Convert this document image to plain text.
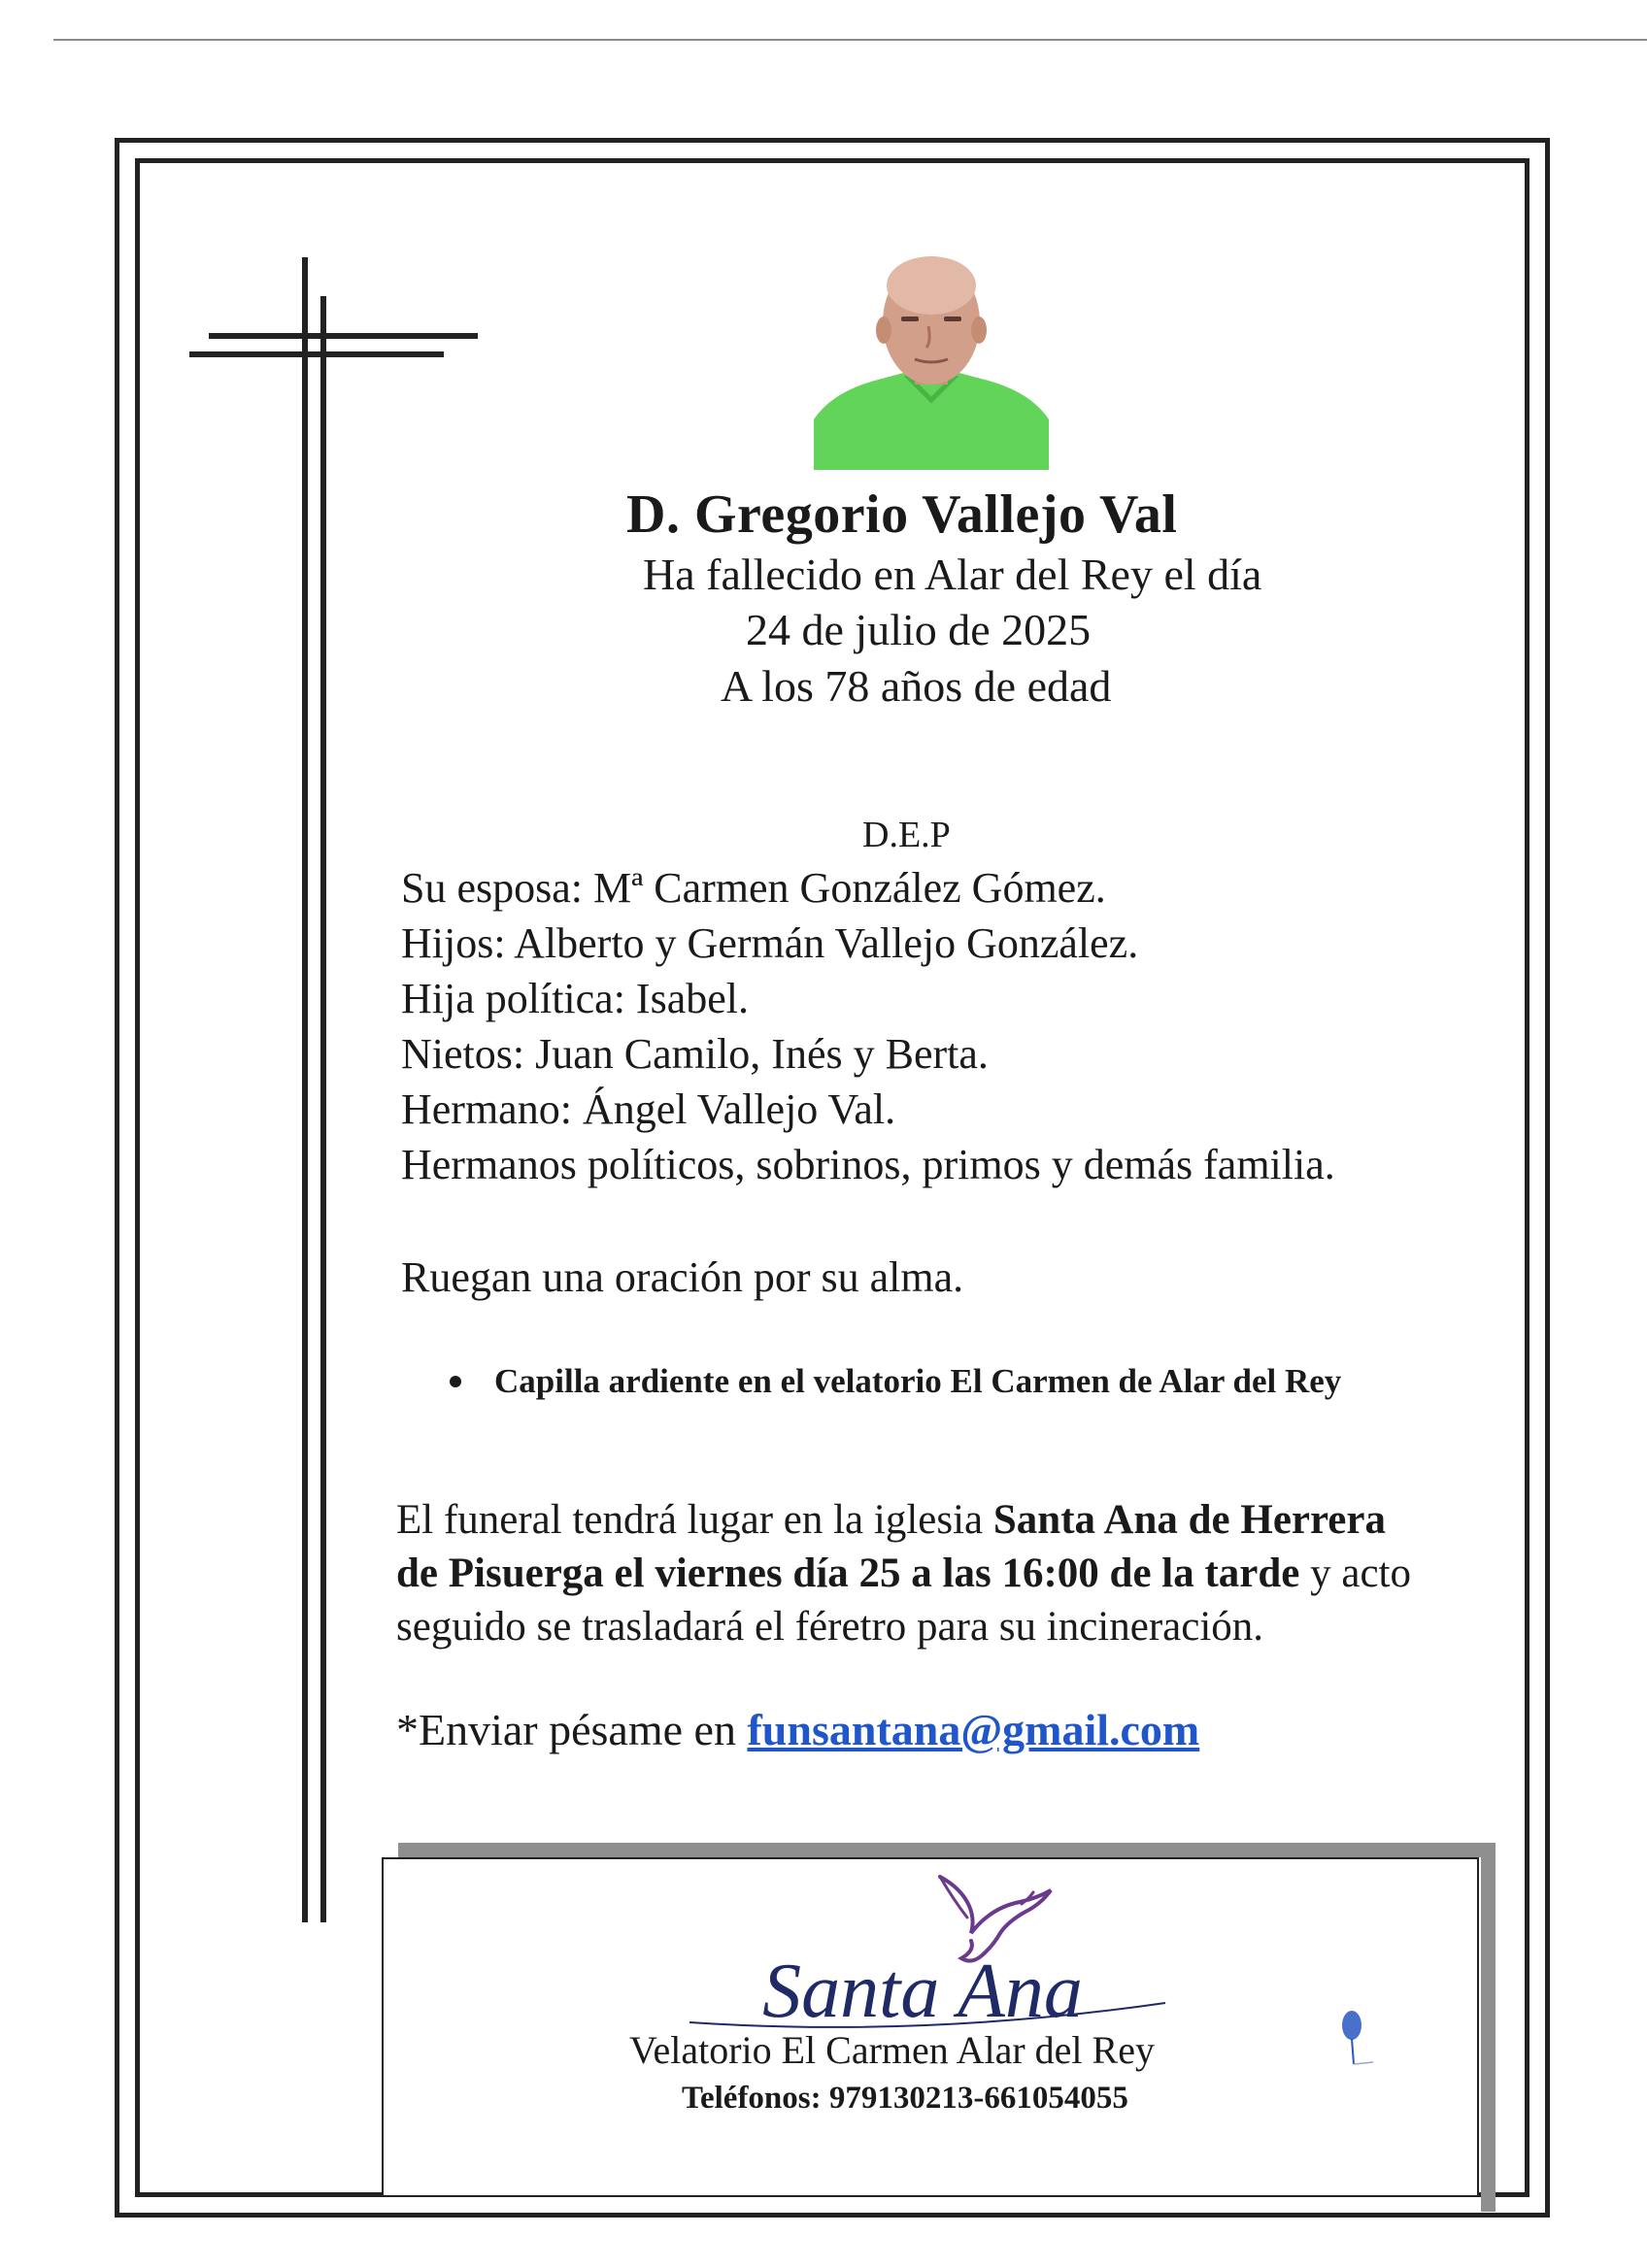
D. Gregorio Vallejo Val

Ha fallecido en Alar del Rey el día

24 de julio de 2025

A los 78 años de edad

D.E.P

Su esposa: Mª Carmen González Gómez.
Hijos: Alberto y Germán Vallejo González.
Hija política: Isabel.
Nietos: Juan Camilo, Inés y Berta.
Hermano: Ángel Vallejo Val.
Hermanos políticos, sobrinos, primos y demás familia.

Ruegan una oración por su alma.

Capilla ardiente en el velatorio El Carmen de Alar del Rey

El funeral tendrá lugar en la iglesia Santa Ana de Herrera

de Pisuerga el viernes día 25 a las 16:00 de la tarde y acto

seguido se trasladará el féretro para su incineración.

*Enviar pésame en funsantana@gmail.com
Santa Ana

Velatorio El Carmen Alar del Rey

Teléfonos: 979130213-661054055
